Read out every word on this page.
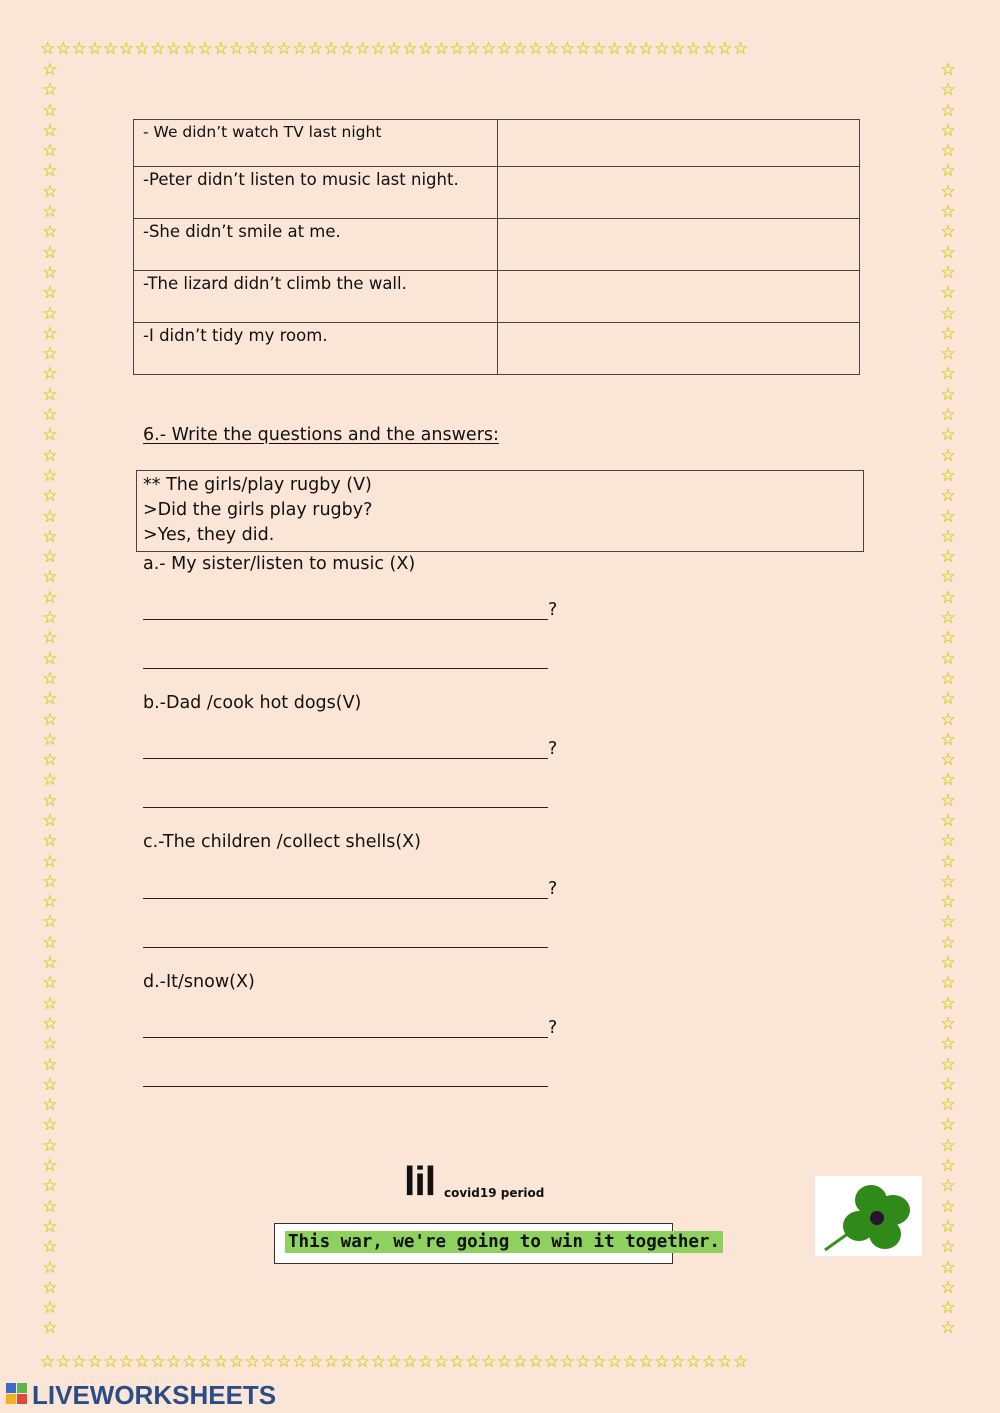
☆☆☆☆☆☆☆☆☆☆☆☆☆☆☆☆☆☆☆☆☆☆☆☆☆☆☆☆☆☆☆☆☆☆☆☆☆☆☆☆☆☆☆☆☆
☆☆☆☆☆☆☆☆☆☆☆☆☆☆☆☆☆☆☆☆☆☆☆☆☆☆☆☆☆☆☆☆☆☆☆☆☆☆☆☆☆☆☆☆☆
☆☆☆☆☆☆☆☆☆☆☆☆☆☆☆☆☆☆☆☆☆☆☆☆☆☆☆☆☆☆☆☆☆☆☆☆☆☆☆☆☆☆☆☆☆☆☆☆☆☆☆☆☆☆☆☆☆☆☆☆☆☆☆
☆☆☆☆☆☆☆☆☆☆☆☆☆☆☆☆☆☆☆☆☆☆☆☆☆☆☆☆☆☆☆☆☆☆☆☆☆☆☆☆☆☆☆☆☆☆☆☆☆☆☆☆☆☆☆☆☆☆☆☆☆☆☆
- We didn’t watch TV last night	
-Peter didn’t listen to music last night.	
-She didn’t smile at me.	
-The lizard didn’t climb the wall.	
-I didn’t tidy my room.	
6.- Write the questions and the answers:
** The girls/play rugby (V)
>Did the girls play rugby?
>Yes, they did.
a.- My sister/listen to music (X)
?
b.-Dad /cook hot dogs(V)
?
c.-The children /collect shells(X)
?
d.-It/snow(X)
?
lil covid19 period
This war, we're going to win it together.
LIVEWORKSHEETS
